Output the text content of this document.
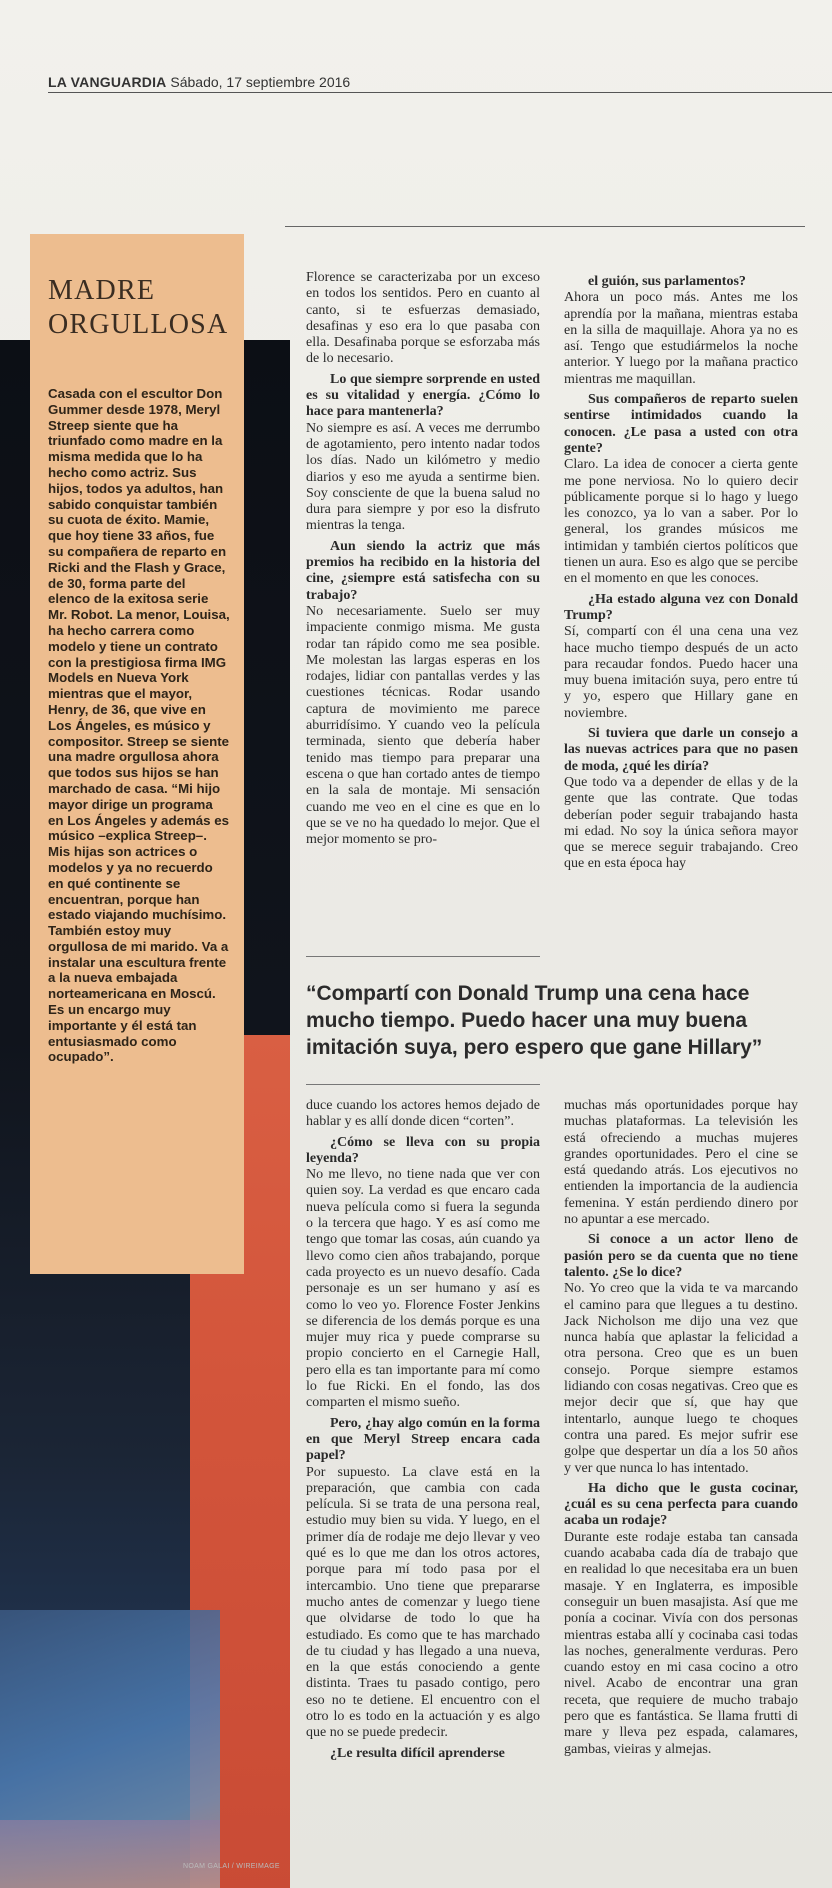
LA VANGUARDIA Sábado, 17 septiembre 2016
NOAM GALAI / WIREIMAGE
MADRE ORGULLOSA

Casada con el escultor Don Gummer desde 1978, Meryl Streep siente que ha triunfado como madre en la misma medida que lo ha hecho como actriz. Sus hijos, todos ya adultos, han sabido conquistar también su cuota de éxito. Mamie, que hoy tiene 33 años, fue su compañera de reparto en Ricki and the Flash y Grace, de 30, forma parte del elenco de la exitosa serie Mr. Robot. La menor, Louisa, ha hecho carrera como modelo y tiene un contrato con la prestigiosa firma IMG Models en Nueva York mientras que el mayor, Henry, de 36, que vive en Los Ángeles, es músico y compositor. Streep se siente una madre orgullosa ahora que todos sus hijos se han marchado de casa. “Mi hijo mayor dirige un programa en Los Ángeles y además es músico –explica Streep–. Mis hijas son actrices o modelos y ya no recuerdo en qué continente se encuentran, porque han estado viajando muchísimo. También estoy muy orgullosa de mi marido. Va a instalar una escultura frente a la nueva embajada norteamericana en Moscú. Es un encargo muy importante y él está tan entusiasmado como ocupado”.

Florence se caracterizaba por un exceso en todos los sentidos. Pero en cuanto al canto, si te esfuerzas demasiado, desafinas y eso era lo que pasaba con ella. Desafinaba porque se esforzaba más de lo necesario.

Lo que siempre sorprende en usted es su vitalidad y energía. ¿Cómo lo hace para mantenerla?

No siempre es así. A veces me derrumbo de agotamiento, pero intento nadar todos los días. Nado un kilómetro y medio diarios y eso me ayuda a sentirme bien. Soy consciente de que la buena salud no dura para siempre y por eso la disfruto mientras la tenga.

Aun siendo la actriz que más premios ha recibido en la historia del cine, ¿siempre está satisfecha con su trabajo?

No necesariamente. Suelo ser muy impaciente conmigo misma. Me gusta rodar tan rápido como me sea posible. Me molestan las largas esperas en los rodajes, lidiar con pantallas verdes y las cuestiones técnicas. Rodar usando captura de movimiento me parece aburridísimo. Y cuando veo la película terminada, siento que debería haber tenido mas tiempo para preparar una escena o que han cortado antes de tiempo en la sala de montaje. Mi sensación cuando me veo en el cine es que en lo que se ve no ha quedado lo mejor. Que el mejor momento se pro-

el guión, sus parlamentos?

Ahora un poco más. Antes me los aprendía por la mañana, mientras estaba en la silla de maquillaje. Ahora ya no es así. Tengo que estudiármelos la noche anterior. Y luego por la mañana practico mientras me maquillan.

Sus compañeros de reparto suelen sentirse intimidados cuando la conocen. ¿Le pasa a usted con otra gente?

Claro. La idea de conocer a cierta gente me pone nerviosa. No lo quiero decir públicamente porque si lo hago y luego les conozco, ya lo van a saber. Por lo general, los grandes músicos me intimidan y también ciertos políticos que tienen un aura. Eso es algo que se percibe en el momento en que les conoces.

¿Ha estado alguna vez con Donald Trump?

Sí, compartí con él una cena una vez hace mucho tiempo después de un acto para recaudar fondos. Puedo hacer una muy buena imitación suya, pero entre tú y yo, espero que Hillary gane en noviembre.

Si tuviera que darle un consejo a las nuevas actrices para que no pasen de moda, ¿qué les diría?

Que todo va a depender de ellas y de la gente que las contrate. Que todas deberían poder seguir trabajando hasta mi edad. No soy la única señora mayor que se merece seguir trabajando. Creo que en esta época hay

“Compartí con Donald Trump una cena hace mucho tiempo. Puedo hacer una muy buena imitación suya, pero espero que gane Hillary”

duce cuando los actores hemos dejado de hablar y es allí donde dicen “corten”.

¿Cómo se lleva con su propia leyenda?

No me llevo, no tiene nada que ver con quien soy. La verdad es que encaro cada nueva película como si fuera la segunda o la tercera que hago. Y es así como me tengo que tomar las cosas, aún cuando ya llevo como cien años trabajando, porque cada proyecto es un nuevo desafío. Cada personaje es un ser humano y así es como lo veo yo. Florence Foster Jenkins se diferencia de los demás porque es una mujer muy rica y puede comprarse su propio concierto en el Carnegie Hall, pero ella es tan importante para mí como lo fue Ricki. En el fondo, las dos comparten el mismo sueño.

Pero, ¿hay algo común en la forma en que Meryl Streep encara cada papel?

Por supuesto. La clave está en la preparación, que cambia con cada película. Si se trata de una persona real, estudio muy bien su vida. Y luego, en el primer día de rodaje me dejo llevar y veo qué es lo que me dan los otros actores, porque para mí todo pasa por el intercambio. Uno tiene que prepararse mucho antes de comenzar y luego tiene que olvidarse de todo lo que ha estudiado. Es como que te has marchado de tu ciudad y has llegado a una nueva, en la que estás conociendo a gente distinta. Traes tu pasado contigo, pero eso no te detiene. El encuentro con el otro lo es todo en la actuación y es algo que no se puede predecir.

¿Le resulta difícil aprenderse

muchas más oportunidades porque hay muchas plataformas. La televisión les está ofreciendo a muchas mujeres grandes oportunidades. Pero el cine se está quedando atrás. Los ejecutivos no entienden la importancia de la audiencia femenina. Y están perdiendo dinero por no apuntar a ese mercado.

Si conoce a un actor lleno de pasión pero se da cuenta que no tiene talento. ¿Se lo dice?

No. Yo creo que la vida te va marcando el camino para que llegues a tu destino. Jack Nicholson me dijo una vez que nunca había que aplastar la felicidad a otra persona. Creo que es un buen consejo. Porque siempre estamos lidiando con cosas negativas. Creo que es mejor decir que sí, que hay que intentarlo, aunque luego te choques contra una pared. Es mejor sufrir ese golpe que despertar un día a los 50 años y ver que nunca lo has intentado.

Ha dicho que le gusta cocinar, ¿cuál es su cena perfecta para cuando acaba un rodaje?

Durante este rodaje estaba tan cansada cuando acababa cada día de trabajo que en realidad lo que necesitaba era un buen masaje. Y en Inglaterra, es imposible conseguir un buen masajista. Así que me ponía a cocinar. Vivía con dos personas mientras estaba allí y cocinaba casi todas las noches, generalmente verduras. Pero cuando estoy en mi casa cocino a otro nivel. Acabo de encontrar una gran receta, que requiere de mucho trabajo pero que es fantástica. Se llama frutti di mare y lleva pez espada, calamares, gambas, vieiras y almejas.
